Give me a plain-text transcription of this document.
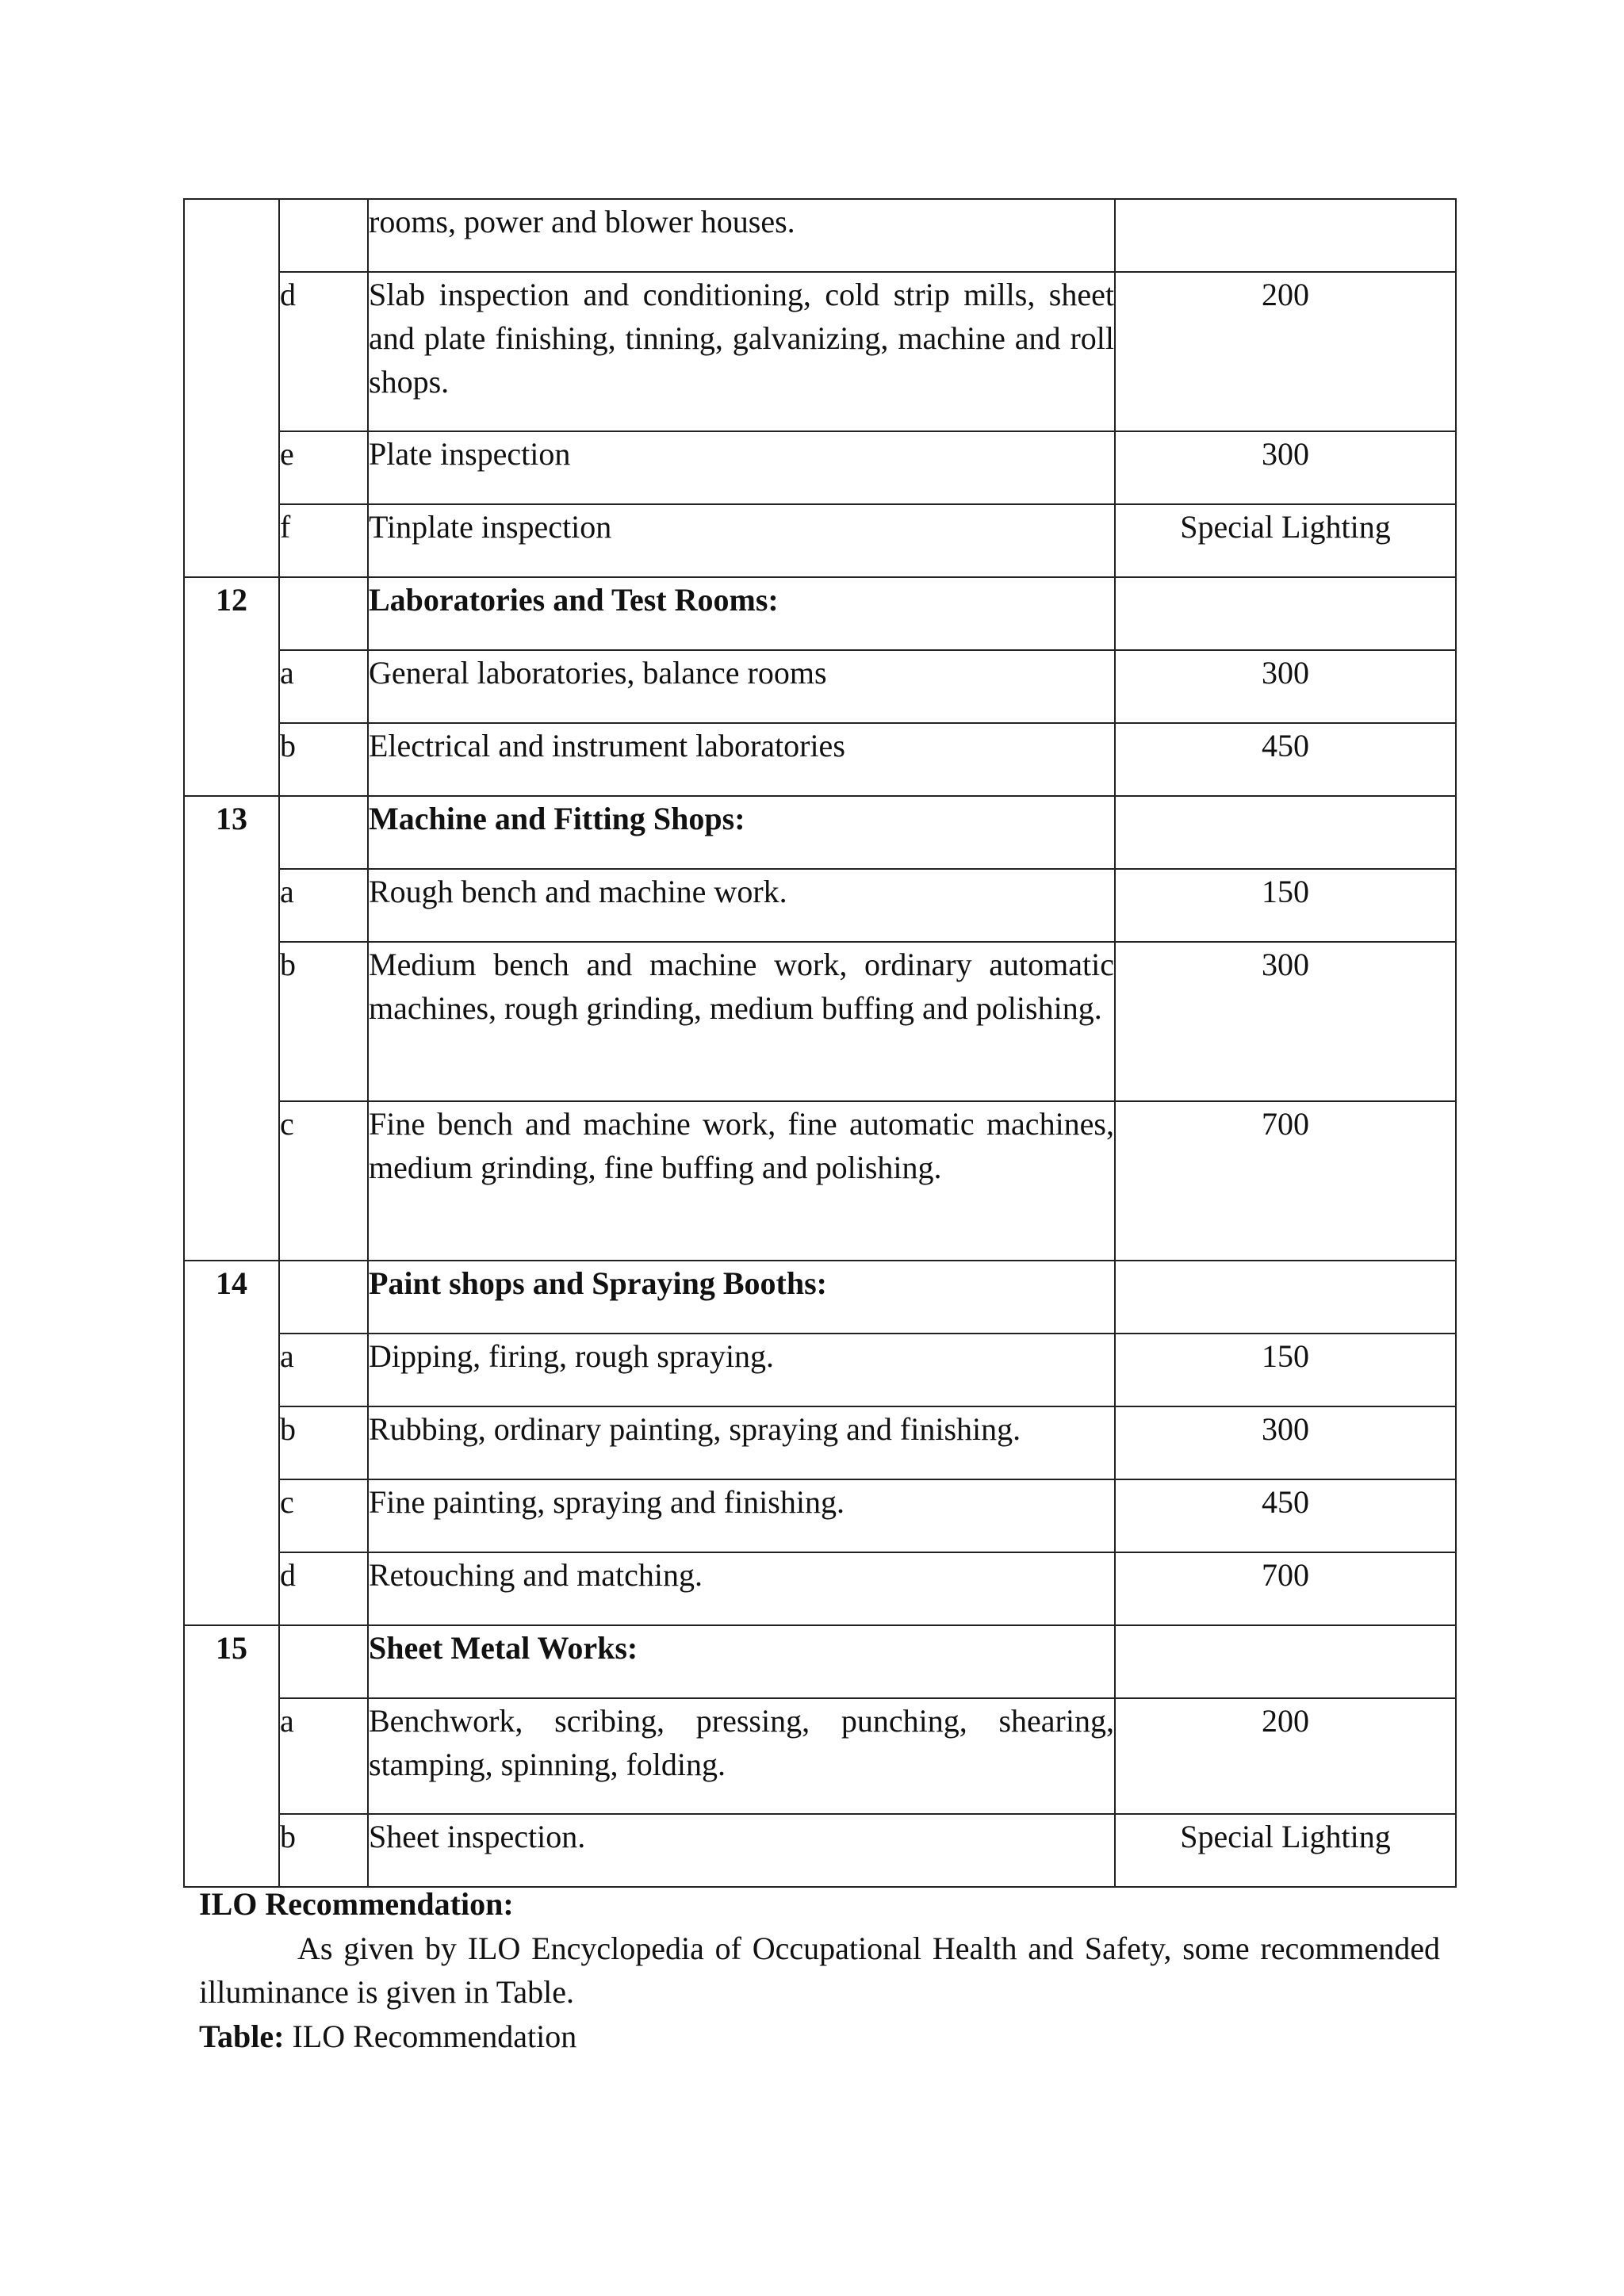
		rooms, power and blower houses.	
	d	Slab inspection and conditioning, cold strip mills, sheet and plate finishing, tinning, galvanizing, machine and roll shops.	200
	e	Plate inspection	300
	f	Tinplate inspection	Special Lighting
12		Laboratories and Test Rooms:	
	a	General laboratories, balance rooms	300
	b	Electrical and instrument laboratories	450
13		Machine and Fitting Shops:	
	a	Rough bench and machine work.	150
	b	Medium bench and machine work, ordinary automatic machines, rough grinding, medium buffing and polishing.	300
	c	Fine bench and machine work, fine automatic machines, medium grinding, fine buffing and polishing.	700
14		Paint shops and Spraying Booths:	
	a	Dipping, firing, rough spraying.	150
	b	Rubbing, ordinary painting, spraying and finishing.	300
	c	Fine painting, spraying and finishing.	450
	d	Retouching and matching.	700
15		Sheet Metal Works:	
	a	Benchwork, scribing, pressing, punching, shearing, stamping, spinning, folding.	200
	b	Sheet inspection.	Special Lighting
ILO Recommendation:
As given by ILO Encyclopedia of Occupational Health and Safety, some recommended illuminance is given in Table.
Table: ILO Recommendation
